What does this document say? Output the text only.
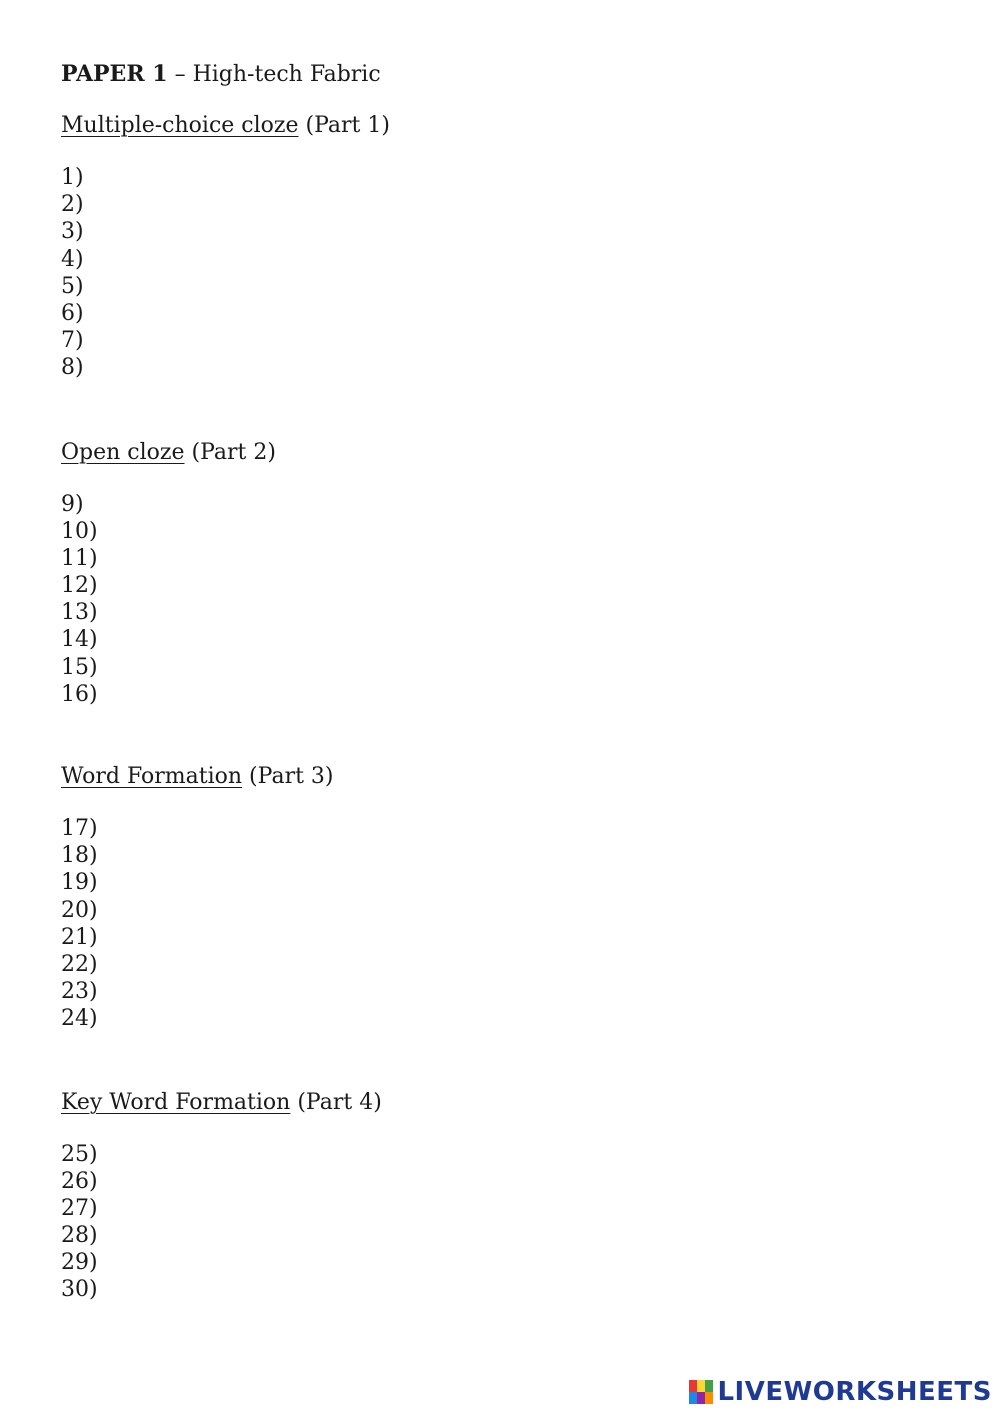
PAPER 1 – High-tech Fabric

Multiple-choice cloze (Part 1)

1)
2)
3)
4)
5)
6)
7)
8)

Open cloze (Part 2)

9)
10)
11)
12)
13)
14)
15)
16)

Word Formation (Part 3)

17)
18)
19)
20)
21)
22)
23)
24)

Key Word Formation (Part 4)

25)
26)
27)
28)
29)
30)
LIVEWORKSHEETS
